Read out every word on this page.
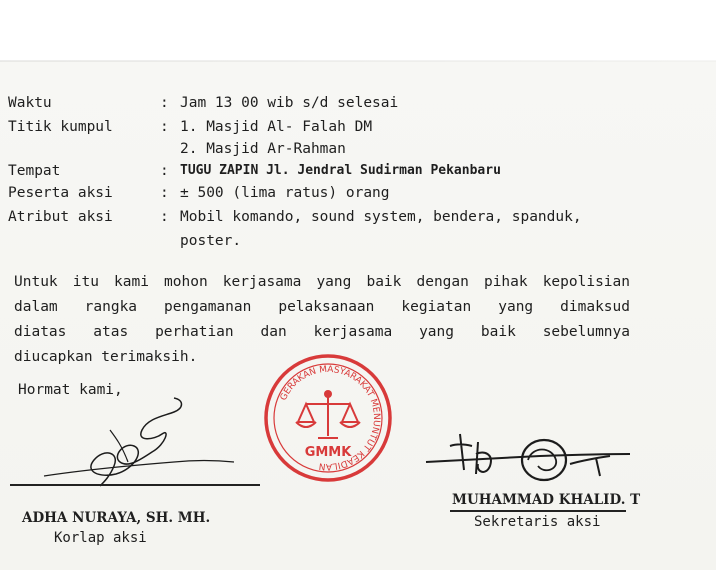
Waktu	: Jam 13 00 wib s/d selesai
Titik kumpul	: 1. Masjid Al- Falah DM
2. Masjid Ar-Rahman
Tempat	: TUGU ZAPIN Jl. Jendral Sudirman Pekanbaru
Peserta aksi	: ± 500 (lima ratus) orang
Atribut aksi	: Mobil komando, sound system, bendera, spanduk,
poster.
Untuk itu kami mohon kerjasama yang baik dengan pihak kepolisian
dalam rangka pengamanan pelaksanaan kegiatan yang dimaksud
diatas atas perhatian dan kerjasama yang baik sebelumnya
diucapkan terimaksih.
Hormat kami,
ADHA NURAYA, SH. MH.
Korlap aksi
GERAKAN MASYARAKAT MENUNTUT KEADILAN
GMMK
MUHAMMAD KHALID. T
Sekretaris aksi
